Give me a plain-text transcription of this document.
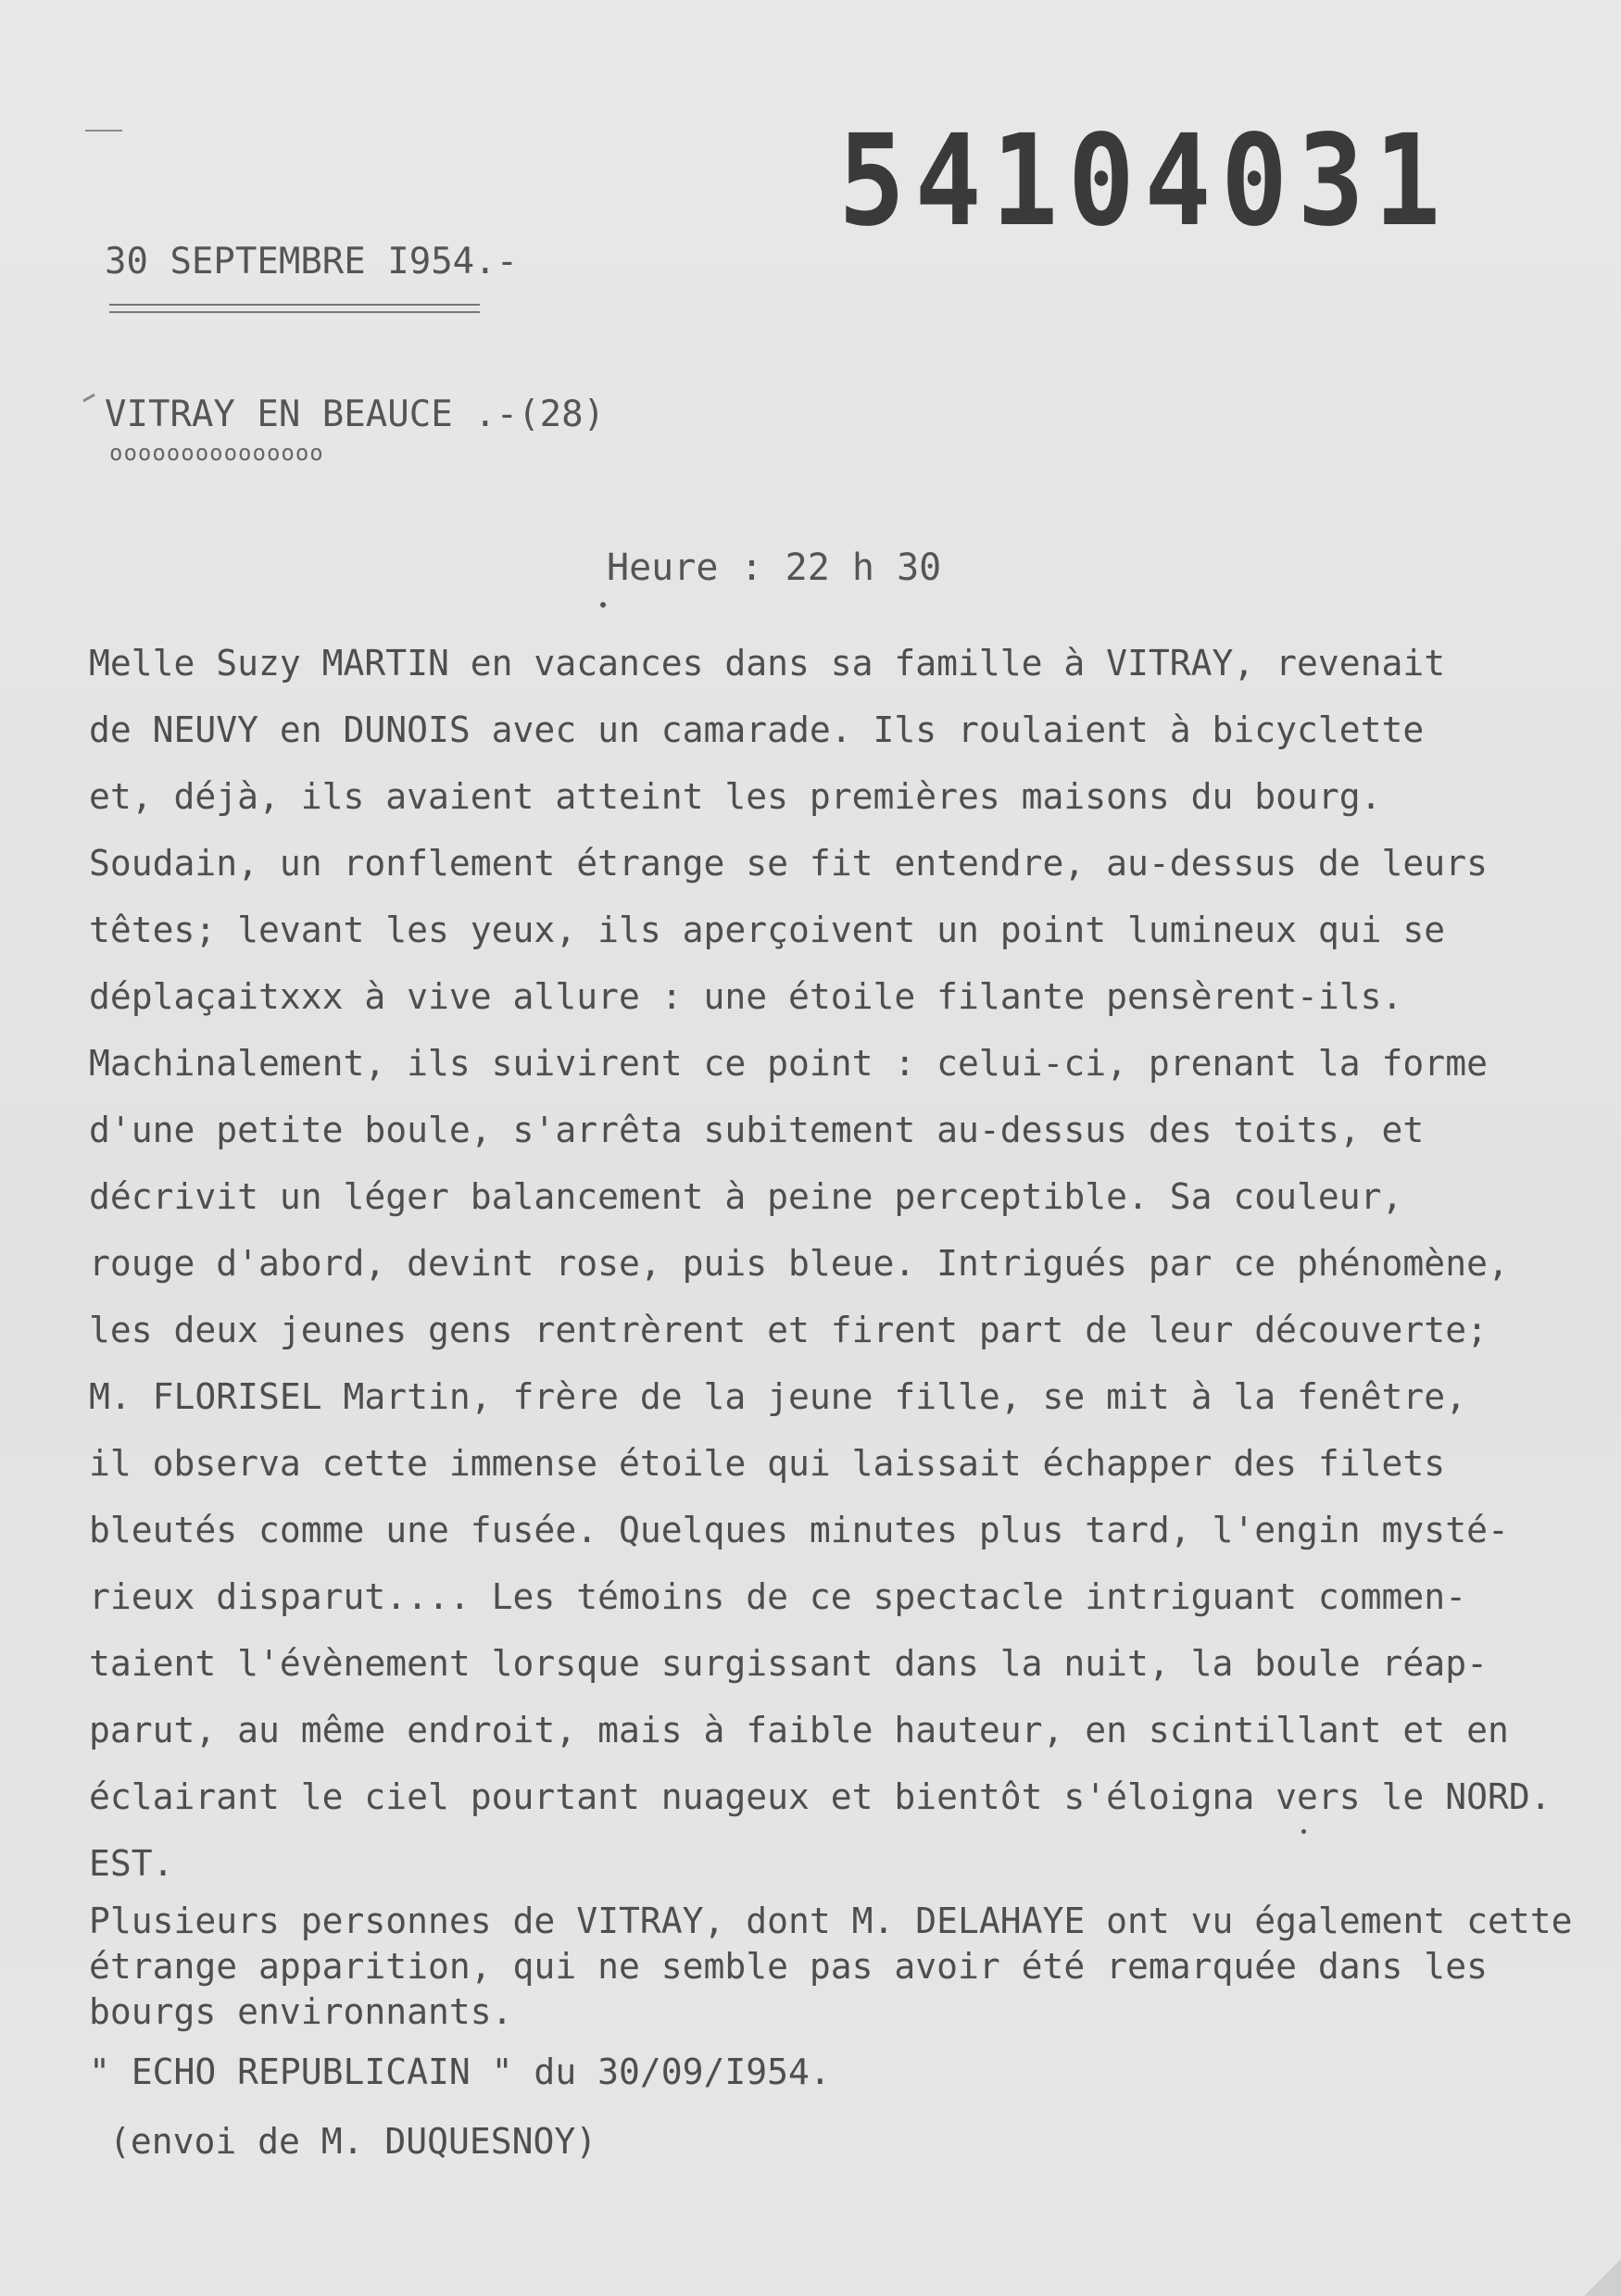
54104031
30 SEPTEMBRE I954.-
VITRAY EN BEAUCE .-(28)
ooooooooooooooo
Heure : 22 h 30
Melle Suzy MARTIN en vacances dans sa famille à VITRAY, revenait
de NEUVY en DUNOIS avec un camarade. Ils roulaient à bicyclette
et, déjà, ils avaient atteint les premières maisons du bourg.
Soudain, un ronflement étrange se fit entendre, au-dessus de leurs
têtes; levant les yeux, ils aperçoivent un point lumineux qui se
déplaçaitxxx à vive allure : une étoile filante pensèrent-ils.
Machinalement, ils suivirent ce point : celui-ci, prenant la forme
d'une petite boule, s'arrêta subitement au-dessus des toits, et
décrivit un léger balancement à peine perceptible. Sa couleur,
rouge d'abord, devint rose, puis bleue. Intrigués par ce phénomène,
les deux jeunes gens rentrèrent et firent part de leur découverte;
M. FLORISEL Martin, frère de la jeune fille, se mit à la fenêtre,
il observa cette immense étoile qui laissait échapper des filets
bleutés comme une fusée. Quelques minutes plus tard, l'engin mysté-
rieux disparut.... Les témoins de ce spectacle intriguant commen-
taient l'évènement lorsque surgissant dans la nuit, la boule réap-
parut, au même endroit, mais à faible hauteur, en scintillant et en
éclairant le ciel pourtant nuageux et bientôt s'éloigna vers le NORD.
EST.
Plusieurs personnes de VITRAY, dont M. DELAHAYE ont vu également cette
étrange apparition, qui ne semble pas avoir été remarquée dans les
bourgs environnants.
" ECHO REPUBLICAIN " du 30/09/I954.
(envoi de M. DUQUESNOY)
